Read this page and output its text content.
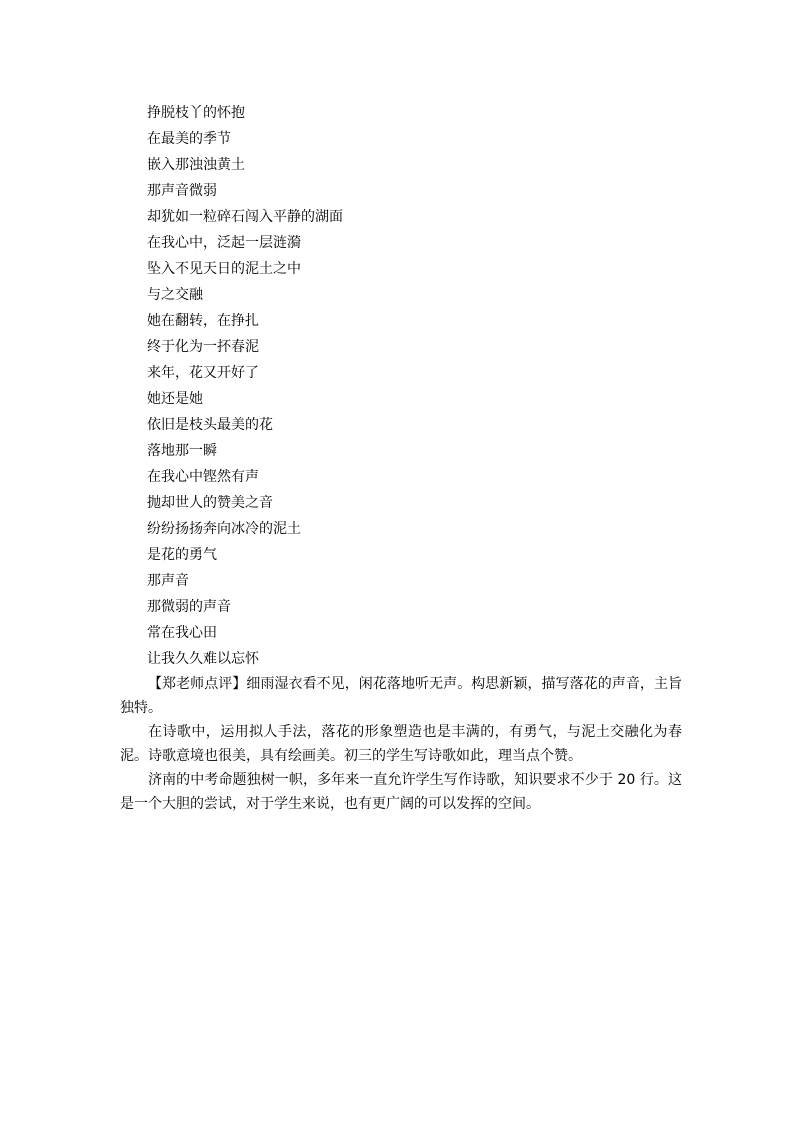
挣脱枝丫的怀抱
在最美的季节
嵌入那浊浊黄土
那声音微弱
却犹如一粒碎石闯入平静的湖面
在我心中，泛起一层涟漪
坠入不见天日的泥土之中
与之交融
她在翻转，在挣扎
终于化为一抔春泥
来年，花又开好了
她还是她
依旧是枝头最美的花
落地那一瞬
在我心中铿然有声
抛却世人的赞美之音
纷纷扬扬奔向冰冷的泥土
是花的勇气
那声音
那微弱的声音
常在我心田
让我久久难以忘怀

【郑老师点评】细雨湿衣看不见，闲花落地听无声。构思新颖，描写落花的声音，主旨独特。

在诗歌中，运用拟人手法，落花的形象塑造也是丰满的，有勇气，与泥土交融化为春泥。诗歌意境也很美，具有绘画美。初三的学生写诗歌如此，理当点个赞。

济南的中考命题独树一帜，多年来一直允许学生写作诗歌，知识要求不少于 20 行。这是一个大胆的尝试，对于学生来说，也有更广阔的可以发挥的空间。
